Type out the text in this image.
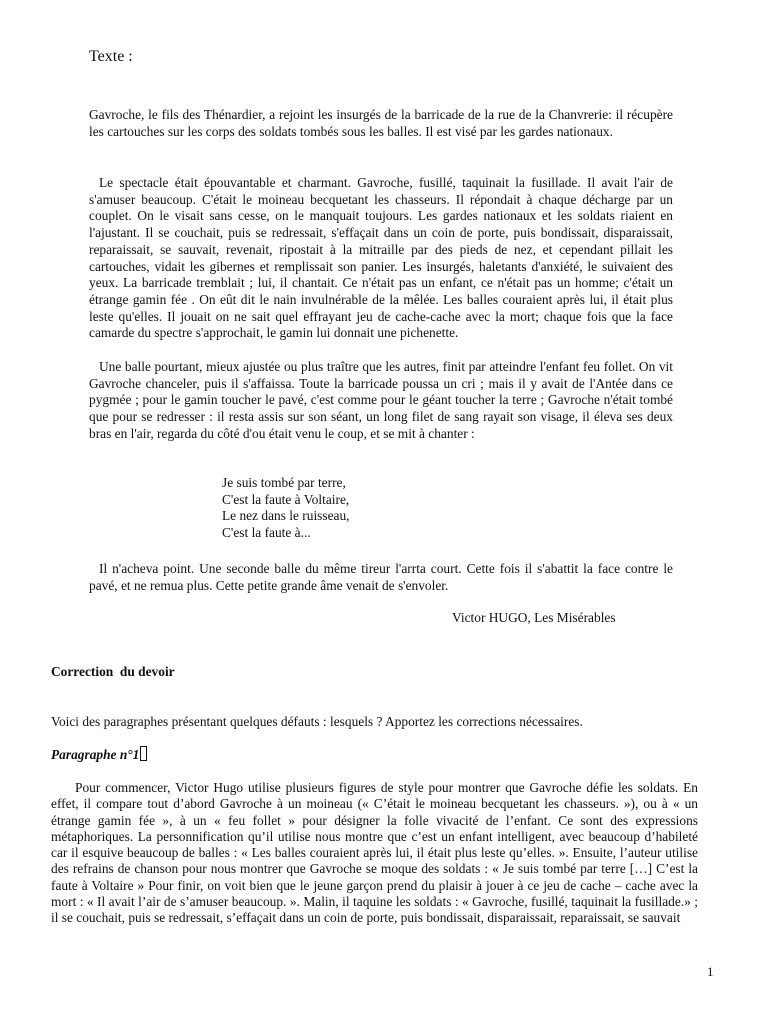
Texte :

Gavroche, le fils des Thénardier, a rejoint les insurgés de la barricade de la rue de la Chanvrerie: il récupère les cartouches sur les corps des soldats tombés sous les balles. Il est visé par les gardes nationaux.

Le spectacle était épouvantable et charmant. Gavroche, fusillé, taquinait la fusillade. Il avait l'air de s'amuser beaucoup. C'était le moineau becquetant les chasseurs. Il répondait à chaque décharge par un couplet. On le visait sans cesse, on le manquait toujours. Les gardes nationaux et les soldats riaient en l'ajustant. Il se couchait, puis se redressait, s'effaçait dans un coin de porte, puis bondissait, disparaissait, reparaissait, se sauvait, revenait, ripostait à la mitraille par des pieds de nez, et cependant pillait les cartouches, vidait les gibernes et remplissait son panier. Les insurgés, haletants d'anxiété, le suivaient des yeux. La barricade tremblait ; lui, il chantait. Ce n'était pas un enfant, ce n'était pas un homme; c'était un étrange gamin fée . On eût dit le nain invulnérable de la mêlée. Les balles couraient après lui, il était plus leste qu'elles. Il jouait on ne sait quel effrayant jeu de cache-cache avec la mort; chaque fois que la face camarde du spectre s'approchait, le gamin lui donnait une pichenette.

Une balle pourtant, mieux ajustée ou plus traître que les autres, finit par atteindre l'enfant feu follet. On vit Gavroche chanceler, puis il s'affaissa. Toute la barricade poussa un cri ; mais il y avait de l'Antée dans ce pygmée ; pour le gamin toucher le pavé, c'est comme pour le géant toucher la terre ; Gavroche n'était tombé que pour se redresser : il resta assis sur son séant, un long filet de sang rayait son visage, il éleva ses deux bras en l'air, regarda du côté d'ou était venu le coup, et se mit à chanter :

Je suis tombé par terre,
C'est la faute à Voltaire,
Le nez dans le ruisseau,
C'est la faute à...

Il n'acheva point. Une seconde balle du même tireur l'arrta court. Cette fois il s'abattit la face contre le pavé, et ne remua plus. Cette petite grande âme venait de s'envoler.

Victor HUGO, Les Misérables
Correction  du devoir
Voici des paragraphes présentant quelques défauts : lesquels ? Apportez les corrections nécessaires.
Paragraphe n°1
Pour commencer, Victor Hugo utilise plusieurs figures de style pour montrer que Gavroche défie les soldats. En effet, il compare tout d’abord Gavroche à un moineau (« C’était le moineau becquetant les chasseurs. »), ou à « un étrange gamin fée », à un « feu follet » pour désigner la folle vivacité de l’enfant. Ce sont des expressions métaphoriques. La personnification qu’il utilise nous montre que c’est un enfant intelligent, avec beaucoup d’habileté car il esquive beaucoup de balles : « Les balles couraient après lui, il était plus leste qu’elles. ». Ensuite, l’auteur utilise des refrains de chanson pour nous montrer que Gavroche se moque des soldats : « Je suis tombé par terre […] C’est la faute à Voltaire » Pour finir, on voit bien que le jeune garçon prend du plaisir à jouer à ce jeu de cache – cache avec la mort : « Il avait l’air de s’amuser beaucoup. ». Malin, il taquine les soldats : « Gavroche, fusillé, taquinait la fusillade.» ; il se couchait, puis se redressait, s’effaçait dans un coin de porte, puis bondissait, disparaissait, reparaissait, se sauvait
1
